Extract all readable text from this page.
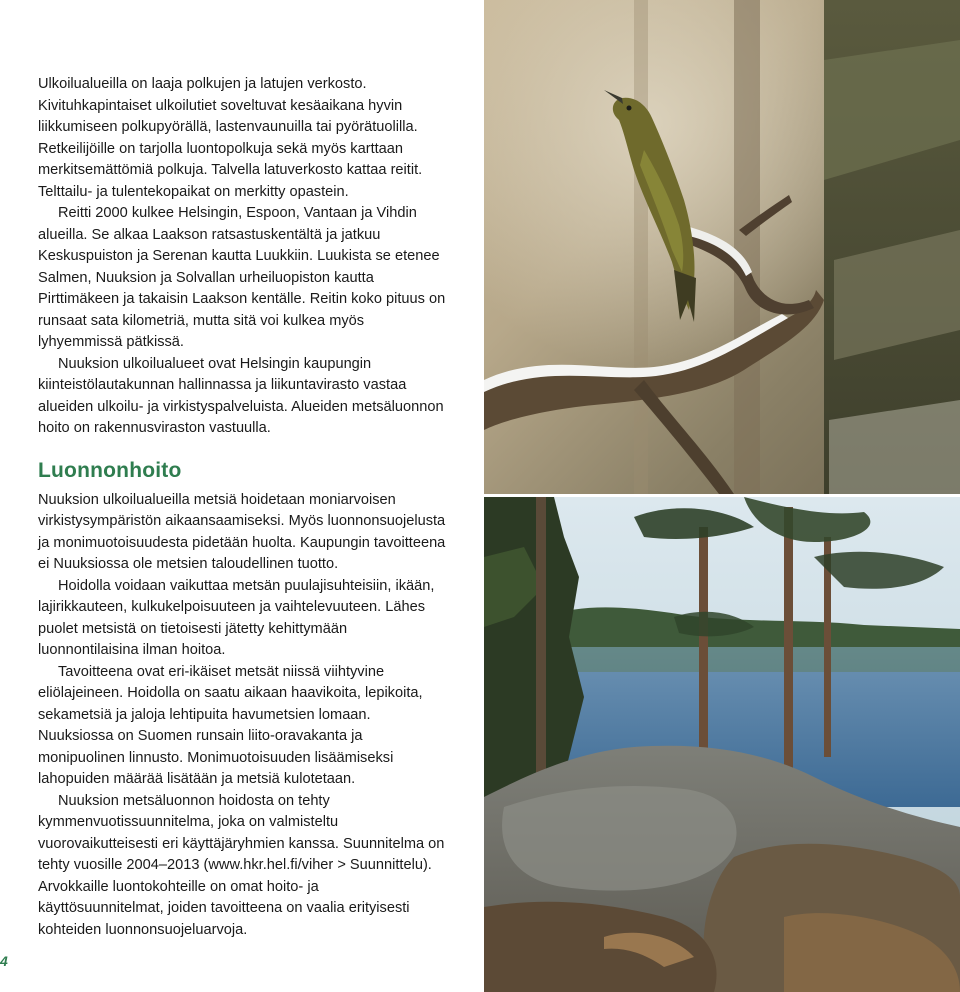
Ulkoilualueilla on laaja polkujen ja latujen verkosto. Kivituhkapintaiset ulkoilutiet soveltuvat kesäaikana hyvin liikkumiseen polkupyörällä, lastenvaunuilla tai pyörätuolilla. Retkeilijöille on tarjolla luontopolkuja sekä myös karttaan merkitsemättömiä polkuja. Talvella latuverkosto kattaa reitit. Telttailu- ja tulentekopaikat on merkitty opastein.

Reitti 2000 kulkee Helsingin, Espoon, Vantaan ja Vihdin alueilla. Se alkaa Laakson ratsastuskentältä ja jatkuu Keskuspuiston ja Serenan kautta Luukkiin. Luukista se etenee Salmen, Nuuksion ja Solvallan urheiluopiston kautta Pirttimäkeen ja takaisin Laakson kentälle. Reitin koko pituus on runsaat sata kilometriä, mutta sitä voi kulkea myös lyhyemmissä pätkissä.

Nuuksion ulkoilualueet ovat Helsingin kaupungin kiinteistölautakunnan hallinnassa ja liikuntavirasto vastaa alueiden ulkoilu- ja virkistyspalveluista. Alueiden metsäluonnon hoito on rakennusviraston vastuulla.

Luonnonhoito

Nuuksion ulkoilualueilla metsiä hoidetaan moniarvoisen virkistysympäristön aikaansaamiseksi. Myös luonnonsuojelusta ja monimuotoisuudesta pidetään huolta. Kaupungin tavoitteena ei Nuuksiossa ole metsien taloudellinen tuotto.

Hoidolla voidaan vaikuttaa metsän puulajisuhteisiin, ikään, lajirikkauteen, kulkukelpoisuuteen ja vaihtelevuuteen. Lähes puolet metsistä on tietoisesti jätetty kehittymään luonnontilaisina ilman hoitoa.

Tavoitteena ovat eri-ikäiset metsät niissä viihtyvine eliölajeineen. Hoidolla on saatu aikaan haavikoita, lepikoita, sekametsiä ja jaloja lehtipuita havumetsien lomaan. Nuuksiossa on Suomen runsain liito-oravakanta ja monipuolinen linnusto. Monimuotoisuuden lisäämiseksi lahopuiden määrää lisätään ja metsiä kulotetaan.

Nuuksion metsäluonnon hoidosta on tehty kymmenvuotissuunnitelma, joka on valmisteltu vuorovaikutteisesti eri käyttäjäryhmien kanssa. Suunnitelma on tehty vuosille 2004–2013 (www.hkr.hel.fi/viher > Suunnittelu). Arvokkaille luontokohteille on omat hoito- ja käyttösuunnitelmat, joiden tavoitteena on vaalia erityisesti kohteiden luonnonsuojeluarvoja.

4
